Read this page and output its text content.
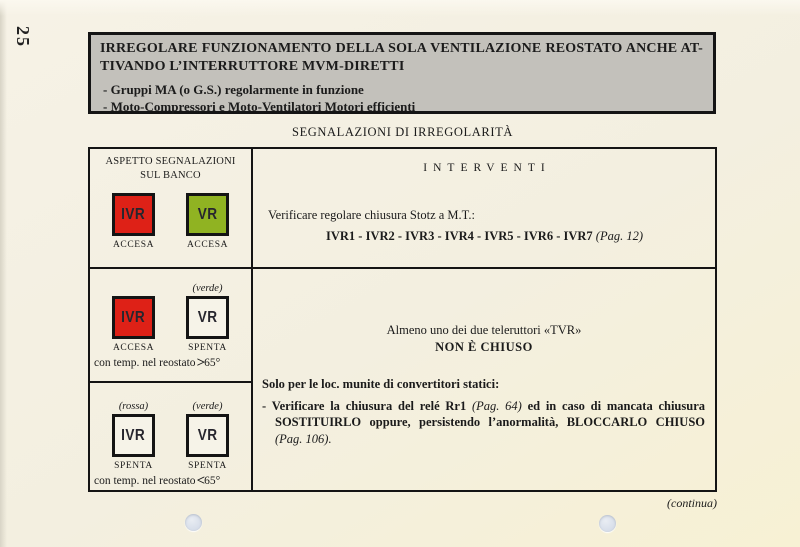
25
IRREGOLARE FUNZIONAMENTO DELLA SOLA VENTILAZIONE REOSTATO ANCHE AT-
TIVANDO L’INTERRUTTORE MVM-DIRETTI
- Gruppi MA (o G.S.) regolarmente in funzione
- Moto-Compressori e Moto-Ventilatori Motori efficienti
SEGNALAZIONI DI IRREGOLARITÀ
ASPETTO SEGNALAZIONI
SUL BANCO
INTERVENTI
IVR
ACCESA
VR
ACCESA
IVR
ACCESA
(verde)
VR
SPENTA
con temp. nel reostato>65°
(rossa)
IVR
SPENTA
(verde)
VR
SPENTA
con temp. nel reostato<65°
Verificare regolare chiusura Stotz a M.T.:
IVR1 - IVR2 - IVR3 - IVR4 - IVR5 - IVR6 - IVR7 (Pag. 12)
Almeno uno dei due teleruttori «TVR»
NON È CHIUSO
Solo per le loc. munite di convertitori statici:
- Verificare la chiusura del relé Rr1 (Pag. 64) ed in caso di mancata chiusura SOSTITUIRLO oppure, persistendo l’anormalità, BLOCCARLO CHIUSO (Pag. 106).
(continua)
